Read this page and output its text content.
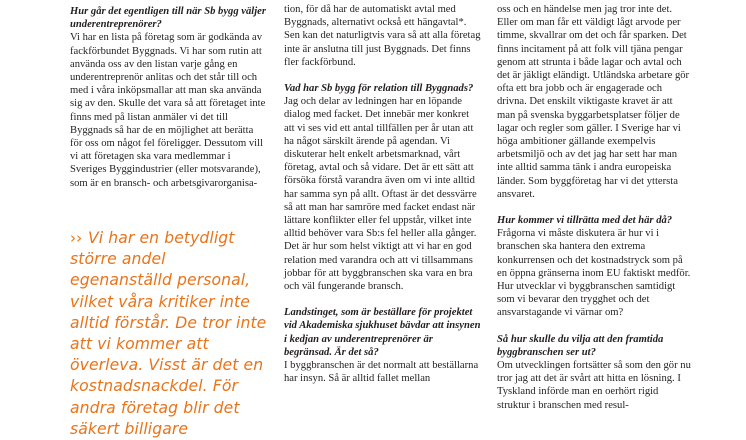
Hur går det egentligen till när Sb bygg väljer underentreprenörer?

Vi har en lista på företag som är godkända av fackförbundet Byggnads. Vi har som rutin att använda oss av den listan varje gång en underentreprenör anlitas och det står till och med i våra inköpsmallar att man ska använda sig av den. Skulle det vara så att företaget inte finns med på listan anmäler vi det till Byggnads så har de en möjlighet att berätta för oss om något fel föreligger. Dessutom vill vi att företagen ska vara medlemmar i Sveriges Byggindustrier (eller motsvarande), som är en bransch- och arbetsgivarorganisa-

›› Vi har en betydligt större andel egenanställd personal, vilket våra kritiker inte alltid förstår. De tror inte att vi kommer att överleva. Visst är det en kostnadsnackdel. För andra företag blir det säkert billigare

tion, för då har de automatiskt avtal med Byggnads, alternativt också ett hängavtal*. Sen kan det naturligtvis vara så att alla företag inte är anslutna till just Byggnads. Det finns fler fackförbund.

Vad har Sb bygg för relation till Byggnads?

Jag och delar av ledningen har en löpande dialog med facket. Det innebär mer konkret att vi ses vid ett antal tillfällen per år utan att ha något särskilt ärende på agendan. Vi diskuterar helt enkelt arbetsmarknad, vårt företag, avtal och så vidare. Det är ett sätt att försöka förstå varandra även om vi inte alltid har samma syn på allt. Oftast är det dessvärre så att man har samröre med facket endast när lättare konflikter eller fel uppstår, vilket inte alltid behöver vara Sb:s fel heller alla gånger. Det är hur som helst viktigt att vi har en god relation med varandra och att vi tillsammans jobbar för att byggbranschen ska vara en bra och väl fungerande bransch.

Landstinget, som är beställare för projektet vid Akademiska sjukhuset bävdar att insynen i kedjan av underentreprenörer är begränsad. Är det så?

I byggbranschen är det normalt att beställarna har insyn. Så är alltid fallet mellan

oss och en händelse men jag tror inte det. Eller om man får ett väldigt lågt arvode per timme, skvallrar om det och får sparken. Det finns incitament på att folk vill tjäna pengar genom att strunta i både lagar och avtal och det är jäkligt eländigt. Utländska arbetare gör ofta ett bra jobb och är engagerade och drivna. Det enskilt viktigaste kravet är att man på svenska byggarbetsplatser följer de lagar och regler som gäller. I Sverige har vi höga ambitioner gällande exempelvis arbetsmiljö och av det jag har sett har man inte alltid samma tänk i andra europeiska länder. Som byggföretag har vi det yttersta ansvaret.

Hur kommer vi tillrätta med det här då?

Frågorna vi måste diskutera är hur vi i branschen ska hantera den extrema konkurrensen och det kostnadstryck som på en öppna gränserna inom EU faktiskt medför. Hur utvecklar vi byggbranschen samtidigt som vi bevarar den trygghet och det ansvarstagande vi värnar om?

Så hur skulle du vilja att den framtida byggbranschen ser ut?

Om utvecklingen fortsätter så som den gör nu tror jag att det är svårt att hitta en lösning. I Tyskland införde man en oerhört rigid struktur i branschen med resul-
